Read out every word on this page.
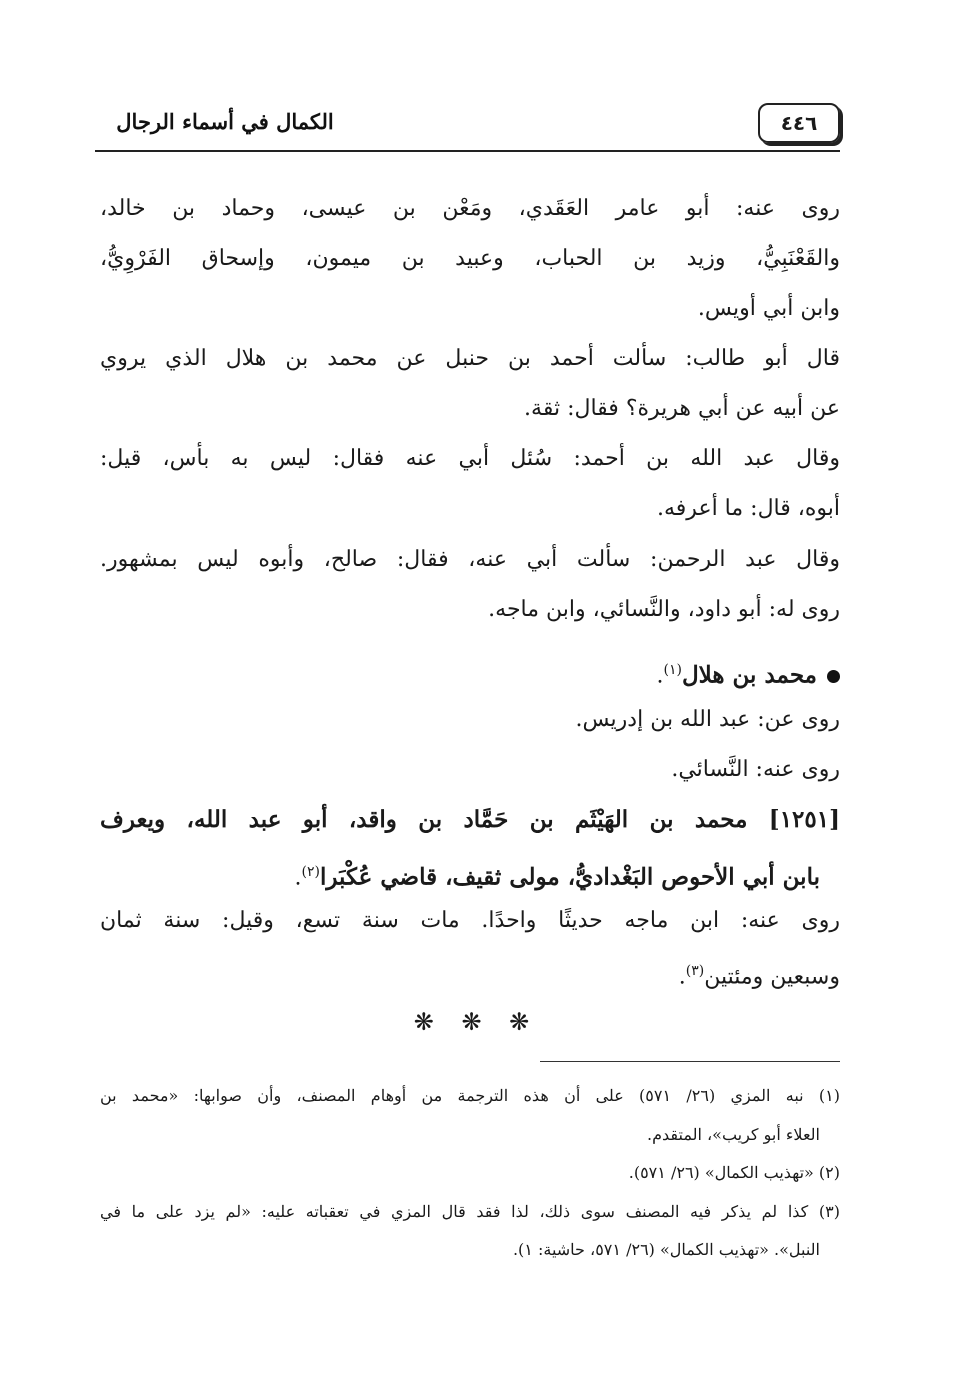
٤٤٦
الكمال في أسماء الرجال
روى عنه: أبو عامر العَقَدي، ومَعْن بن عيسى، وحماد بن خالد،
والقَعْنَبِيُّ، وزيد بن الحباب، وعبيد بن ميمون، وإسحاق الفَرْوِيُّ،
وابن أبي أويس.
قال أبو طالب: سألت أحمد بن حنبل عن محمد بن هلال الذي يروي
عن أبيه عن أبي هريرة؟ فقال: ثقة.
وقال عبد الله بن أحمد: سُئل أبي عنه فقال: ليس به بأس، قيل:
أبوه، قال: ما أعرفه.
وقال عبد الرحمن: سألت أبي عنه، فقال: صالح، وأبوه ليس بمشهور.
روى له: أبو داود، والنَّسائي، وابن ماجه.
محمد بن هلال$^{(١)}$.
روى عن: عبد الله بن إدريس.
روى عنه: النَّسائي.
[١٢٥١] محمد بن الهَيْثَم بن حَمَّاد بن واقد، أبو عبد الله، ويعرف
بابن أبي الأحوص البَغْداديُّ، مولى ثقيف، قاضي عُكْبَرا$^{(٢)}$.
روى عنه: ابن ماجه حديثًا واحدًا. مات سنة تسع، وقيل: سنة ثمان
وسبعين ومئتين$^{(٣)}$.
❋ ❋ ❋
(١) نبه المزي (٢٦/ ٥٧١) على أن هذه الترجمة من أوهام المصنف، وأن صوابها: «محمد بن
العلاء أبو كريب»، المتقدم.
(٢) «تهذيب الكمال» (٢٦/ ٥٧١).
(٣) كذا لم يذكر فيه المصنف سوى ذلك، لذا فقد قال المزي في تعقباته عليه: «لم يزد على ما في
النبل». «تهذيب الكمال» (٢٦/ ٥٧١، حاشية: ١).
